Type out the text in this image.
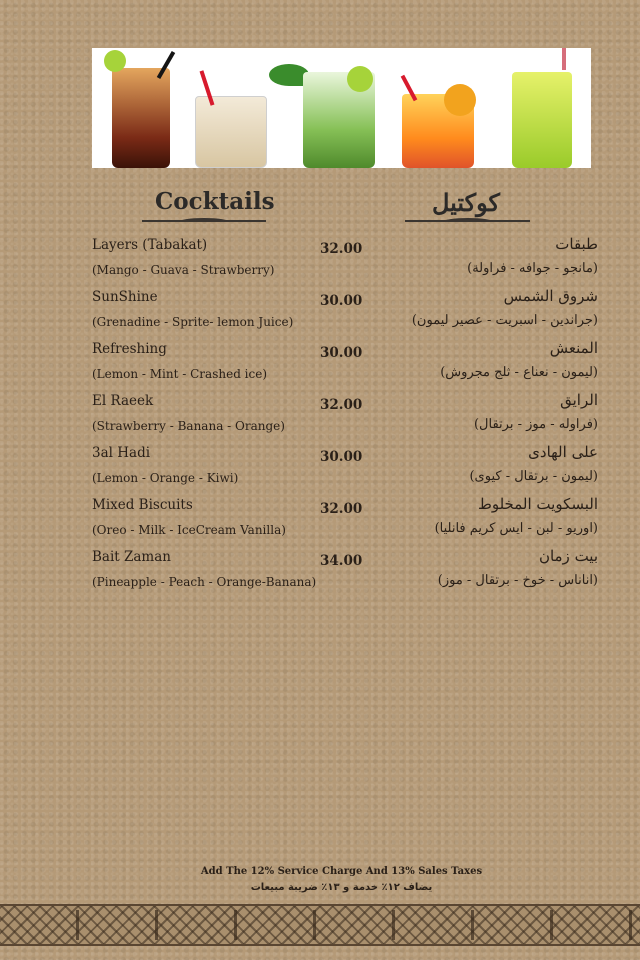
Cocktails	كوكتيل
Layers (Tabakat)	32.00
(Mango - Guava - Strawberry)
طبقات
(مانجو - جوافه - فراولة)
SunShine	30.00
(Grenadine - Sprite- lemon Juice)
شروق الشمس
(جراندين - اسبريت - عصير ليمون)
Refreshing	30.00
(Lemon - Mint - Crashed ice)
المنعش
(ليمون - نعناع - ثلج مجروش)
El Raeek	32.00
(Strawberry - Banana - Orange)
الرايق
(فراوله - موز - برتقال)
3al Hadi	30.00
(Lemon - Orange - Kiwi)
على الهادى
(ليمون - برتقال - كيوى)
Mixed Biscuits	32.00
(Oreo - Milk - IceCream Vanilla)
البسكويت المخلوط
(اوريو - لبن - ايس كريم فانليا)
Bait Zaman	34.00
(Pineapple - Peach - Orange-Banana)
بيت زمان
(اناناس - خوخ - برتقال - موز)
Add The 12% Service Charge And 13% Sales Taxes
يضاف ١٢٪ خدمة و ١٣٪ ضريبة مبيعات
